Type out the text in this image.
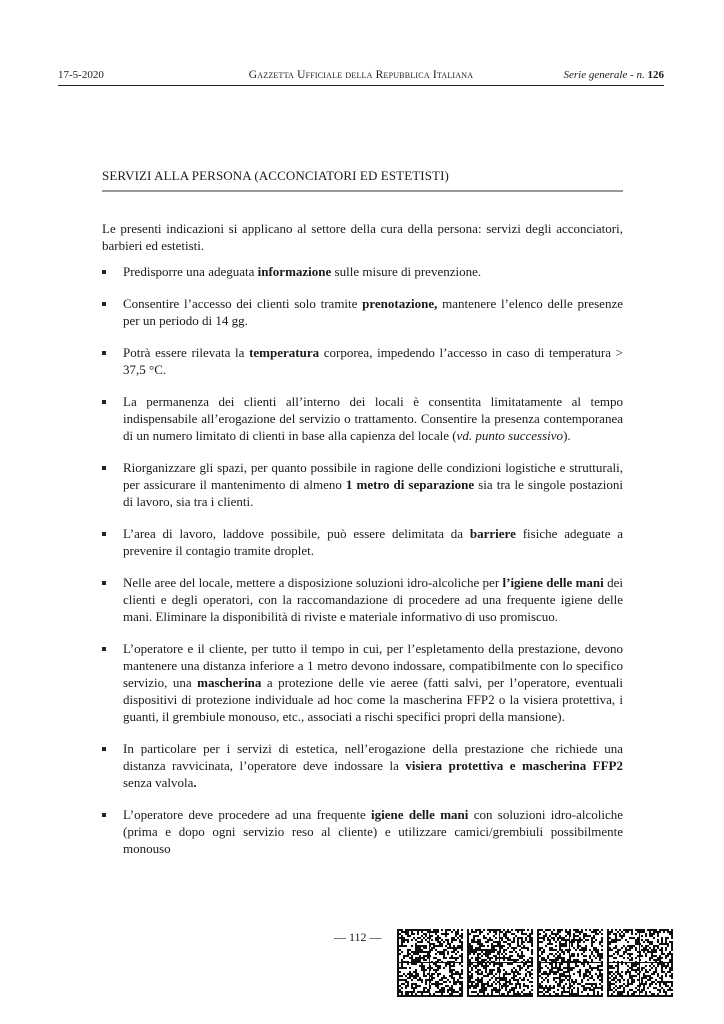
17-5-2020	Gazzetta Ufficiale della Repubblica Italiana	Serie generale - n. 126
SERVIZI ALLA PERSONA (ACCONCIATORI ED ESTETISTI)

Le presenti indicazioni si applicano al settore della cura della persona: servizi degli acconciatori, barbieri ed estetisti.

Predisporre una adeguata informazione sulle misure di prevenzione.
Consentire l’accesso dei clienti solo tramite prenotazione, mantenere l’elenco delle presenze per un periodo di 14 gg.
Potrà essere rilevata la temperatura corporea, impedendo l’accesso in caso di temperatura > 37,5 °C.
La permanenza dei clienti all’interno dei locali è consentita limitatamente al tempo indispensabile all’erogazione del servizio o trattamento. Consentire la presenza contemporanea di un numero limitato di clienti in base alla capienza del locale (vd. punto successivo).
Riorganizzare gli spazi, per quanto possibile in ragione delle condizioni logistiche e strutturali, per assicurare il mantenimento di almeno 1 metro di separazione sia tra le singole postazioni di lavoro, sia tra i clienti.
L’area di lavoro, laddove possibile, può essere delimitata da barriere fisiche adeguate a prevenire il contagio tramite droplet.
Nelle aree del locale, mettere a disposizione soluzioni idro-alcoliche per l’igiene delle mani dei clienti e degli operatori, con la raccomandazione di procedere ad una frequente igiene delle mani. Eliminare la disponibilità di riviste e materiale informativo di uso promiscuo.
L’operatore e il cliente, per tutto il tempo in cui, per l’espletamento della prestazione, devono mantenere una distanza inferiore a 1 metro devono indossare, compatibilmente con lo specifico servizio, una mascherina a protezione delle vie aeree (fatti salvi, per l’operatore, eventuali dispositivi di protezione individuale ad hoc come la mascherina FFP2 o la visiera protettiva, i guanti, il grembiule monouso, etc., associati a rischi specifici propri della mansione).
In particolare per i servizi di estetica, nell’erogazione della prestazione che richiede una distanza ravvicinata, l’operatore deve indossare la visiera protettiva e mascherina FFP2 senza valvola.
L’operatore deve procedere ad una frequente igiene delle mani con soluzioni idro-alcoliche (prima e dopo ogni servizio reso al cliente) e utilizzare camici/grembiuli possibilmente monouso
— 112 —
